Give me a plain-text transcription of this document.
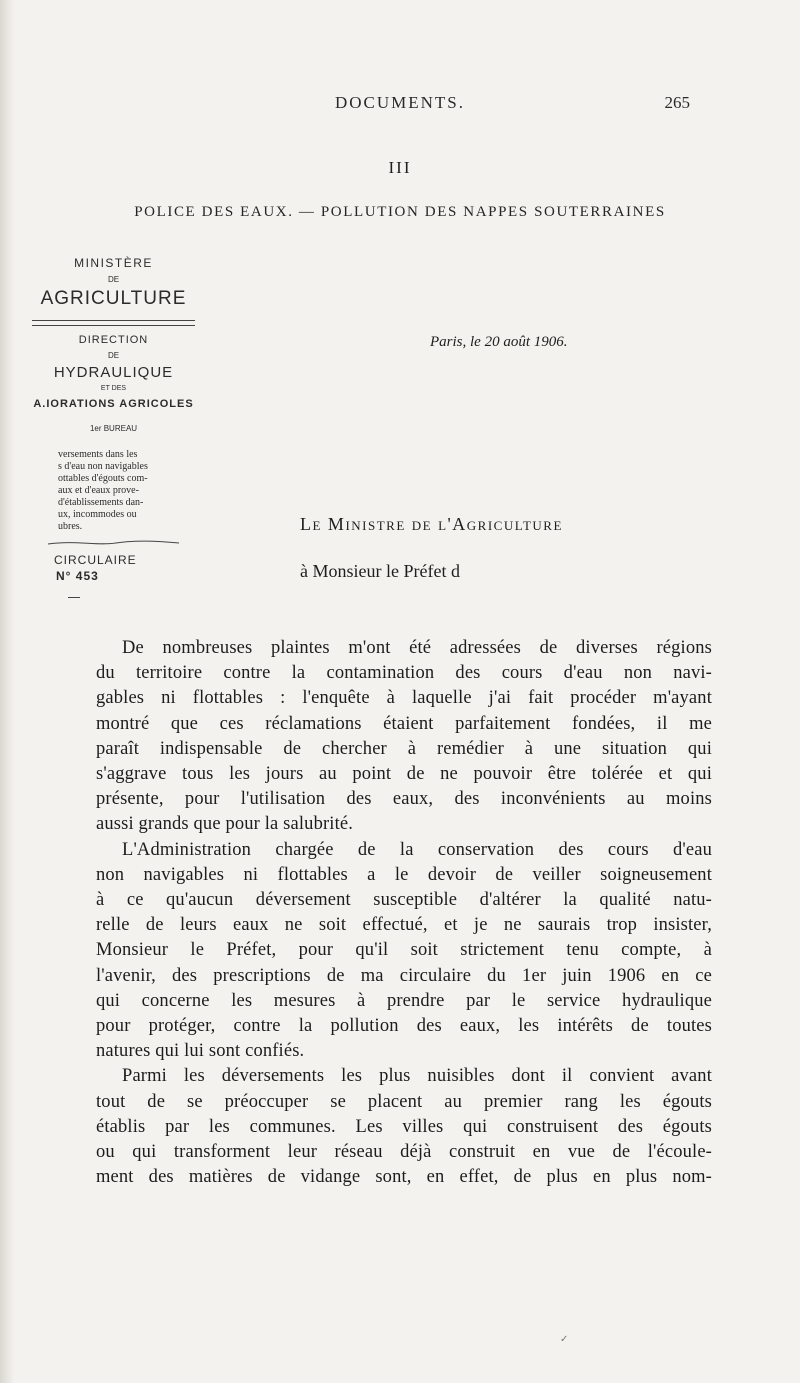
DOCUMENTS.	265
III
POLICE DES EAUX. — POLLUTION DES NAPPES SOUTERRAINES
MINISTÈRE
DE
AGRICULTURE
DIRECTION
DE
HYDRAULIQUE
ET DES
A.IORATIONS AGRICOLES
1er BUREAU
versements dans les
s d'eau non navigables
ottables d'égouts com-
aux et d'eaux prove-
d'établissements dan-
ux, incommodes ou
ubres.
CIRCULAIRE
N° 453
Paris, le 20 août 1906.
Le Ministre de l'Agriculture
à Monsieur le Préfet d
De nombreuses plaintes m'ont été adressées de diverses régions
du territoire contre la contamination des cours d'eau non navi-
gables ni flottables : l'enquête à laquelle j'ai fait procéder m'ayant
montré que ces réclamations étaient parfaitement fondées, il me
paraît indispensable de chercher à remédier à une situation qui
s'aggrave tous les jours au point de ne pouvoir être tolérée et qui
présente, pour l'utilisation des eaux, des inconvénients au moins
aussi grands que pour la salubrité.
L'Administration chargée de la conservation des cours d'eau
non navigables ni flottables a le devoir de veiller soigneusement
à ce qu'aucun déversement susceptible d'altérer la qualité natu-
relle de leurs eaux ne soit effectué, et je ne saurais trop insister,
Monsieur le Préfet, pour qu'il soit strictement tenu compte, à
l'avenir, des prescriptions de ma circulaire du 1er juin 1906 en ce
qui concerne les mesures à prendre par le service hydraulique
pour protéger, contre la pollution des eaux, les intérêts de toutes
natures qui lui sont confiés.
Parmi les déversements les plus nuisibles dont il convient avant
tout de se préoccuper se placent au premier rang les égouts
établis par les communes. Les villes qui construisent des égouts
ou qui transforment leur réseau déjà construit en vue de l'écoule-
ment des matières de vidange sont, en effet, de plus en plus nom-
✓
